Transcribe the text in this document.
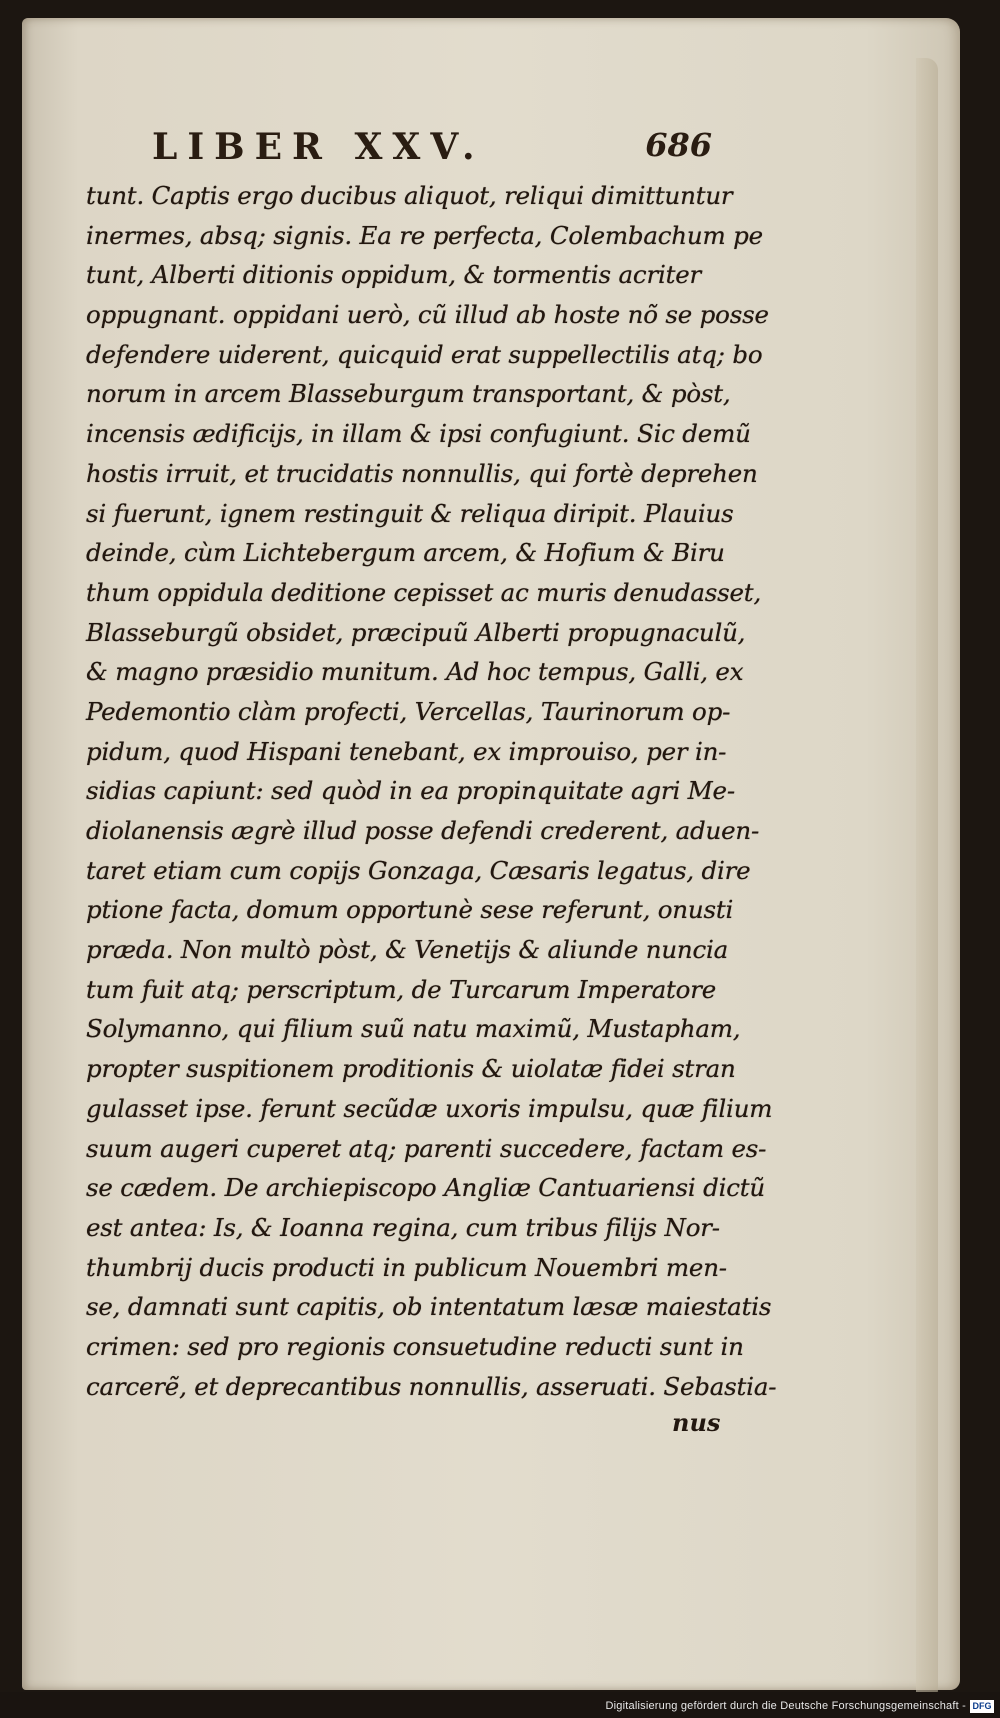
LIBER XXV.	686
tunt. Captis ergo ducibus aliquot, reliqui dimittuntur
inermes, absq; signis. Ea re perfecta, Colembachum pe
tunt, Alberti ditionis oppidum, & tormentis acriter
oppugnant. oppidani uerò, cũ illud ab hoste nõ se posse
defendere uiderent, quicquid erat suppellectilis atq; bo
norum in arcem Blasseburgum transportant, & pòst,
incensis ædificijs, in illam & ipsi confugiunt. Sic demũ
hostis irruit, et trucidatis nonnullis, qui fortè deprehen
si fuerunt, ignem restinguit & reliqua diripit. Plauius
deinde, cùm Lichtebergum arcem, & Hofium & Biru
thum oppidula deditione cepisset ac muris denudasset,
Blasseburgũ obsidet, præcipuũ Alberti propugnaculũ,
& magno præsidio munitum. Ad hoc tempus, Galli, ex
Pedemontio clàm profecti, Vercellas, Taurinorum op-
pidum, quod Hispani tenebant, ex improuiso, per in-
sidias capiunt: sed quòd in ea propinquitate agri Me-
diolanensis ægrè illud posse defendi crederent, aduen-
taret etiam cum copijs Gonzaga, Cæsaris legatus, dire
ptione facta, domum opportunè sese referunt, onusti
præda. Non multò pòst, & Venetijs & aliunde nuncia
tum fuit atq; perscriptum, de Turcarum Imperatore
Solymanno, qui filium suũ natu maximũ, Mustapham,
propter suspitionem proditionis & uiolatæ fidei stran
gulasset ipse. ferunt secũdæ uxoris impulsu, quæ filium
suum augeri cuperet atq; parenti succedere, factam es-
se cædem. De archiepiscopo Angliæ Cantuariensi dictũ
est antea: Is, & Ioanna regina, cum tribus filijs Nor-
thumbrij ducis producti in publicum Nouembri men-
se, damnati sunt capitis, ob intentatum læsæ maiestatis
crimen: sed pro regionis consuetudine reducti sunt in
carcerẽ, et deprecantibus nonnullis, asseruati. Sebastia-
nus
Digitalisierung gefördert durch die Deutsche Forschungsgemeinschaft - DFG
